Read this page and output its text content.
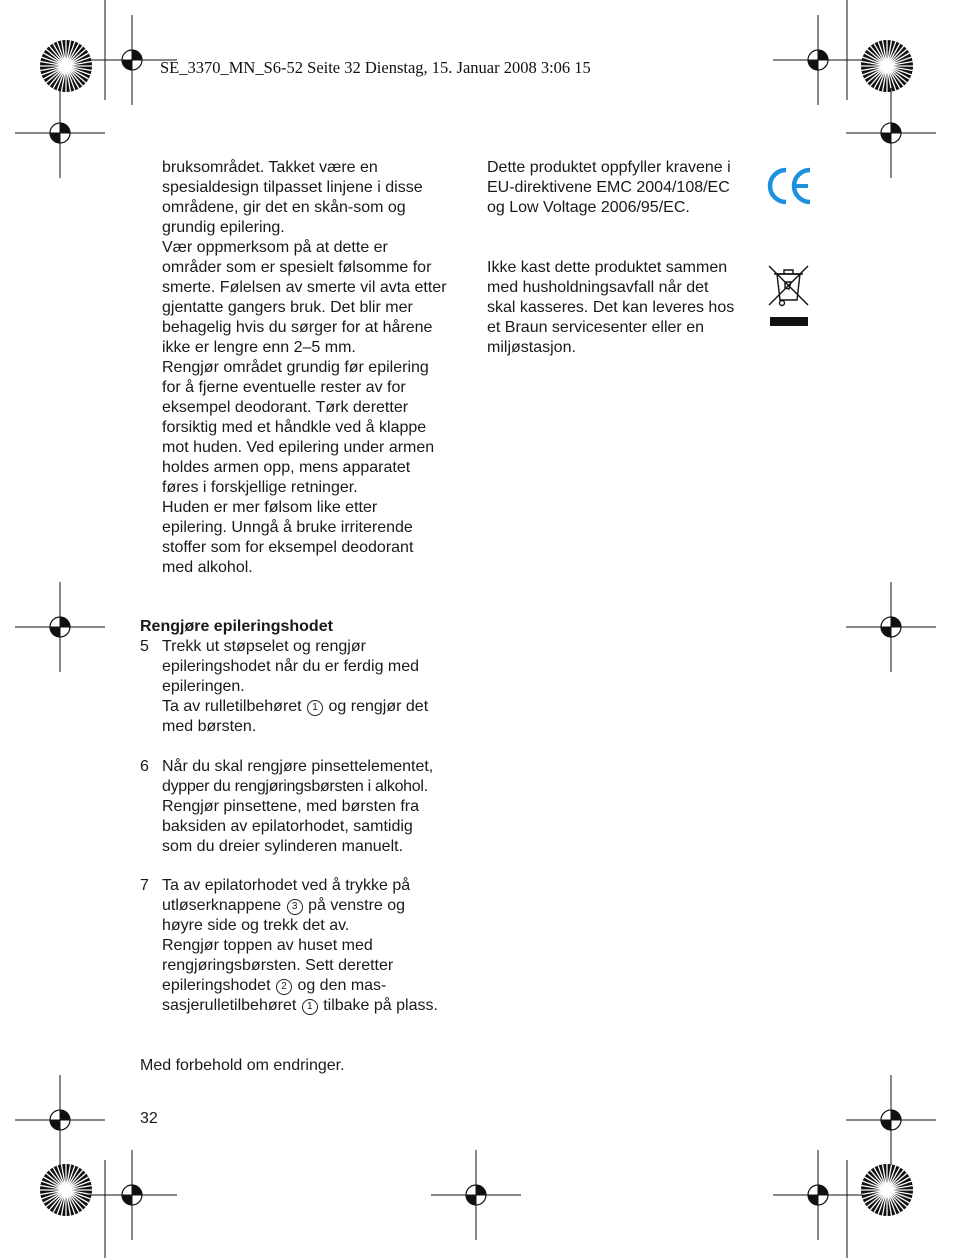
SE_3370_MN_S6-52 Seite 32 Dienstag, 15. Januar 2008 3:06 15

bruksområdet. Takket være en

spesialdesign tilpasset linjene i disse

områdene, gir det en skån-som og

grundig epilering.

Vær oppmerksom på at dette er

områder som er spesielt følsomme for

smerte. Følelsen av smerte vil avta etter

gjentatte gangers bruk. Det blir mer

behagelig hvis du sørger for at hårene

ikke er lengre enn 2–5 mm.

Rengjør området grundig før epilering

for å fjerne eventuelle rester av for

eksempel deodorant. Tørk deretter

forsiktig med et håndkle ved å klappe

mot huden. Ved epilering under armen

holdes armen opp, mens apparatet

føres i forskjellige retninger.

Huden er mer følsom like etter

epilering. Unngå å bruke irriterende

stoffer som for eksempel deodorant

med alkohol.

Rengjøre epileringshodet
5 Trekk ut støpselet og rengjør

epileringshodet når du er ferdig med

epileringen.

Ta av rulletilbehøret 1 og rengjør det

med børsten.

6 Når du skal rengjøre pinsettelementet,

dypper du rengjøringsbørsten i alkohol.

Rengjør pinsettene, med børsten fra

baksiden av epilatorhodet, samtidig

som du dreier sylinderen manuelt.

7 Ta av epilatorhodet ved å trykke på

utløserknappene 3 på venstre og

høyre side og trekk det av.

Rengjør toppen av huset med

rengjøringsbørsten. Sett deretter

epileringshodet 2 og den mas-

sasjerulletilbehøret 1 tilbake på plass.

Med forbehold om endringer.
32

Dette produktet oppfyller kravene i

EU-direktivene EMC 2004/108/EC

og Low Voltage 2006/95/EC.

Ikke kast dette produktet sammen

med husholdningsavfall når det

skal kasseres. Det kan leveres hos

et Braun servicesenter eller en

miljøstasjon.
